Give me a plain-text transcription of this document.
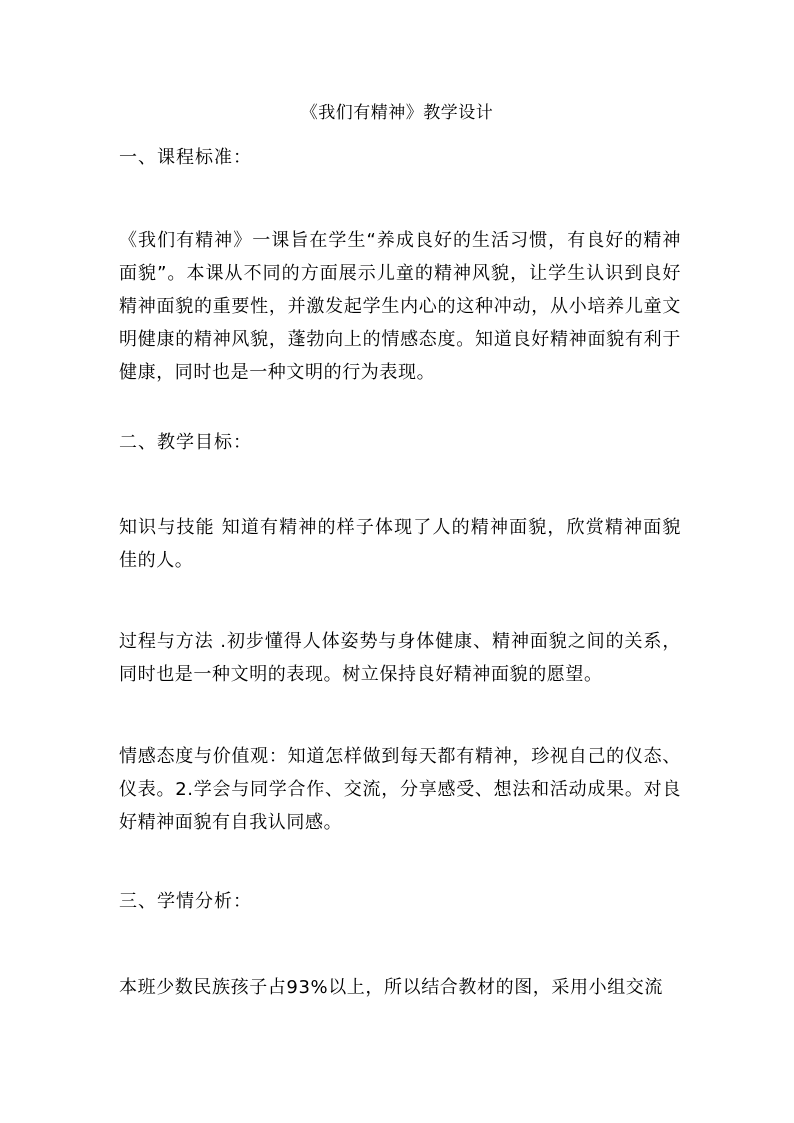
《我们有精神》教学设计
一、课程标准：

《我们有精神》一课旨在学生“养成良好的生活习惯，有良好的精神面貌”。本课从不同的方面展示儿童的精神风貌，让学生认识到良好精神面貌的重要性，并激发起学生内心的这种冲动，从小培养儿童文明健康的精神风貌，蓬勃向上的情感态度。知道良好精神面貌有利于健康，同时也是一种文明的行为表现。

二、教学目标：

知识与技能 知道有精神的样子体现了人的精神面貌，欣赏精神面貌佳的人。

过程与方法 .初步懂得人体姿势与身体健康、精神面貌之间的关系，同时也是一种文明的表现。树立保持良好精神面貌的愿望。

情感态度与价值观：知道怎样做到每天都有精神，珍视自己的仪态、仪表。2.学会与同学合作、交流，分享感受、想法和活动成果。对良好精神面貌有自我认同感。

三、学情分析：

本班少数民族孩子占93%以上，所以结合教材的图，采用小组交流
